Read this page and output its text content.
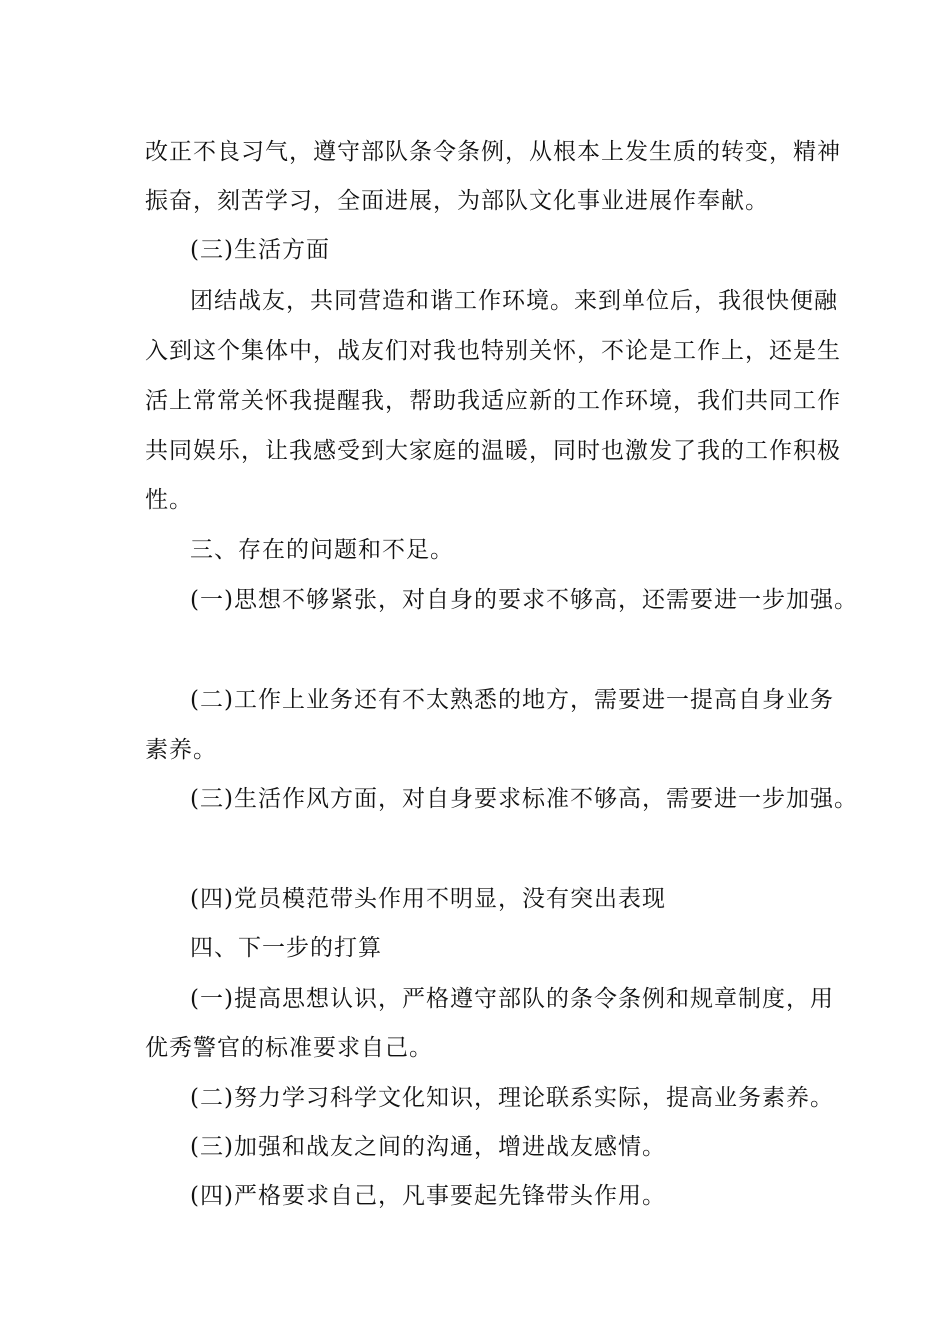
改正不良习气，遵守部队条令条例，从根本上发生质的转变，精神
振奋，刻苦学习，全面进展，为部队文化事业进展作奉献。
(三)生活方面
团结战友，共同营造和谐工作环境。来到单位后，我很快便融
入到这个集体中，战友们对我也特别关怀，不论是工作上，还是生
活上常常关怀我提醒我，帮助我适应新的工作环境，我们共同工作
共同娱乐，让我感受到大家庭的温暖，同时也激发了我的工作积极
性。
三、存在的问题和不足。
(一)思想不够紧张，对自身的要求不够高，还需要进一步加强。
(二)工作上业务还有不太熟悉的地方，需要进一提高自身业务
素养。
(三)生活作风方面，对自身要求标准不够高，需要进一步加强。
(四)党员模范带头作用不明显，没有突出表现
四、下一步的打算
(一)提高思想认识，严格遵守部队的条令条例和规章制度，用
优秀警官的标准要求自己。
(二)努力学习科学文化知识，理论联系实际，提高业务素养。
(三)加强和战友之间的沟通，增进战友感情。
(四)严格要求自己，凡事要起先锋带头作用。
